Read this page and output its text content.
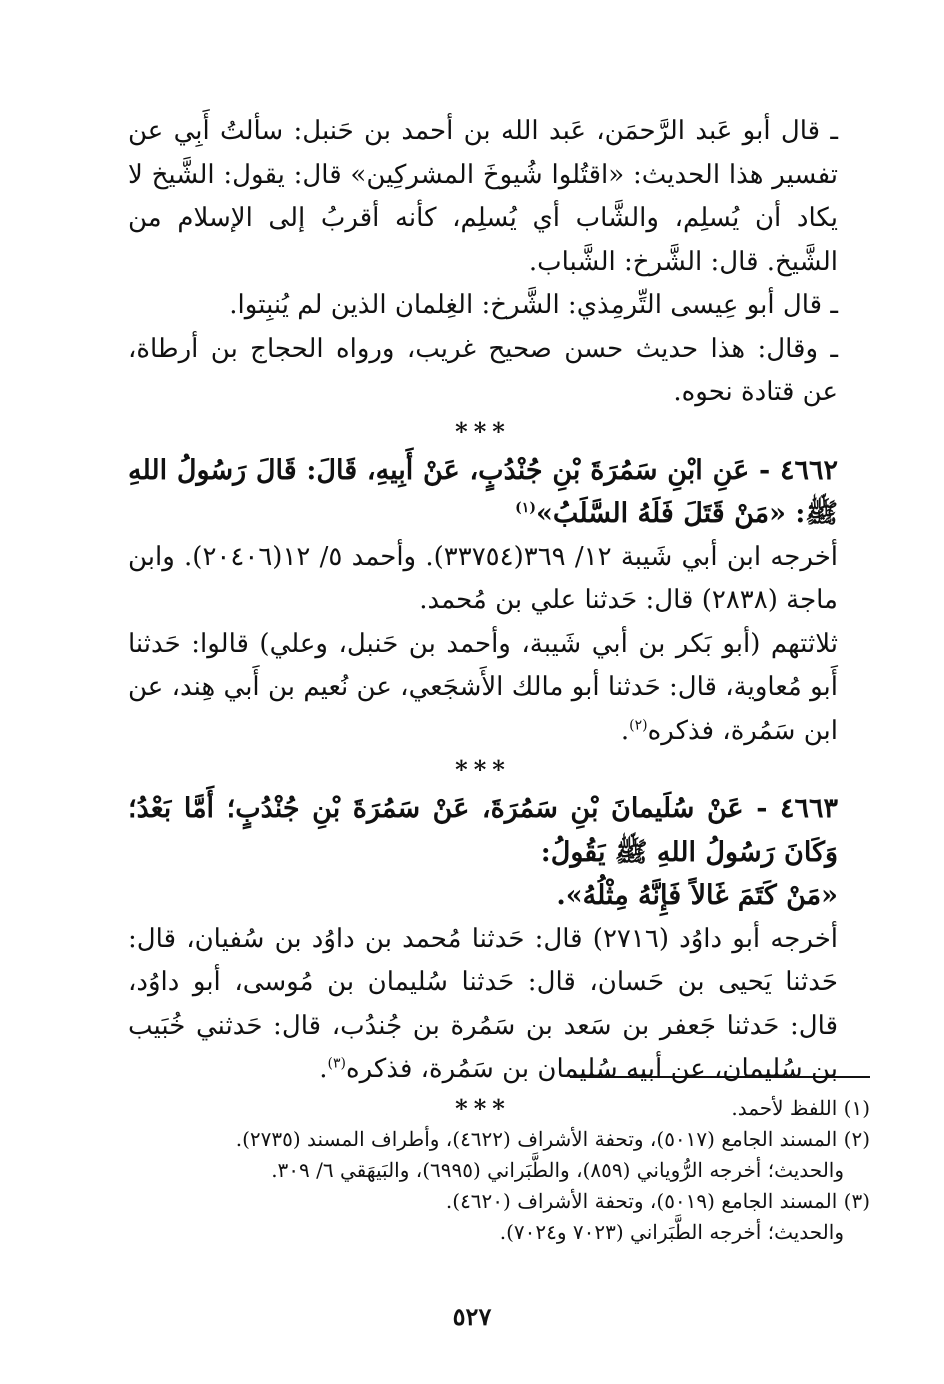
ـ قال أبو عَبد الرَّحمَن، عَبد الله بن أحمد بن حَنبل: سألتُ أَبِي عن تفسير هذا الحديث: «اقتُلوا شُيوخَ المشركِين» قال: يقول: الشَّيخ لا يكاد أن يُسلِم، والشَّاب أي يُسلِم، كأنه أقربُ إلى الإسلام من الشَّيخ. قال: الشَّرخ: الشَّباب.

ـ قال أبو عِيسى التِّرمِذي: الشَّرخ: الغِلمان الذين لم يُنبِتوا.

ـ وقال: هذا حديث حسن صحيح غريب، ورواه الحجاج بن أرطاة، عن قتادة نحوه.

***

٤٦٦٢ - عَنِ ابْنِ سَمُرَةَ بْنِ جُنْدُبٍ، عَنْ أَبِيهِ، قَالَ: قَالَ رَسُولُ اللهِ ﷺ: «مَنْ قَتَلَ فَلَهُ السَّلَبُ»$^{(١)}$

أخرجه ابن أبي شَيبة ١٢/ ٣٦٩(٣٣٧٥٤). وأحمد ٥/ ١٢(٢٠٤٠٦). وابن ماجة (٢٨٣٨) قال: حَدثنا علي بن مُحمد.

ثلاثتهم (أبو بَكر بن أبي شَيبة، وأحمد بن حَنبل، وعلي) قالوا: حَدثنا أَبو مُعاوية، قال: حَدثنا أبو مالك الأَشجَعي، عن نُعيم بن أَبي هِند، عن ابن سَمُرة، فذكره$^{(٢)}$.

***

٤٦٦٣ - عَنْ سُلَيمانَ بْنِ سَمُرَةَ، عَنْ سَمُرَةَ بْنِ جُنْدُبٍ؛ أَمَّا بَعْدُ؛ وَكَانَ رَسُولُ اللهِ ﷺ يَقُولُ:

«مَنْ كَتَمَ غَالاً فَإِنَّهُ مِثْلُهُ».

أخرجه أبو داوُد (٢٧١٦) قال: حَدثنا مُحمد بن داوُد بن سُفيان، قال: حَدثنا يَحيى بن حَسان، قال: حَدثنا سُليمان بن مُوسى، أبو داوُد، قال: حَدثنا جَعفر بن سَعد بن سَمُرة بن جُندُب، قال: حَدثني خُبَيب بن سُليمان، عن أبيه سُليمان بن سَمُرة، فذكره$^{(٣)}$.

***	(١) اللفظ لأحمد.

(٢) المسند الجامع (٥٠١٧)، وتحفة الأشراف (٤٦٢٢)، وأطراف المسند (٢٧٣٥).

والحديث؛ أخرجه الرُّوياني (٨٥٩)، والطَّبَراني (٦٩٩٥)، والبَيهَقي ٦/ ٣٠٩.

(٣) المسند الجامع (٥٠١٩)، وتحفة الأشراف (٤٦٢٠).

والحديث؛ أخرجه الطَّبَراني (٧٠٢٣ و٧٠٢٤).

٥٢٧
